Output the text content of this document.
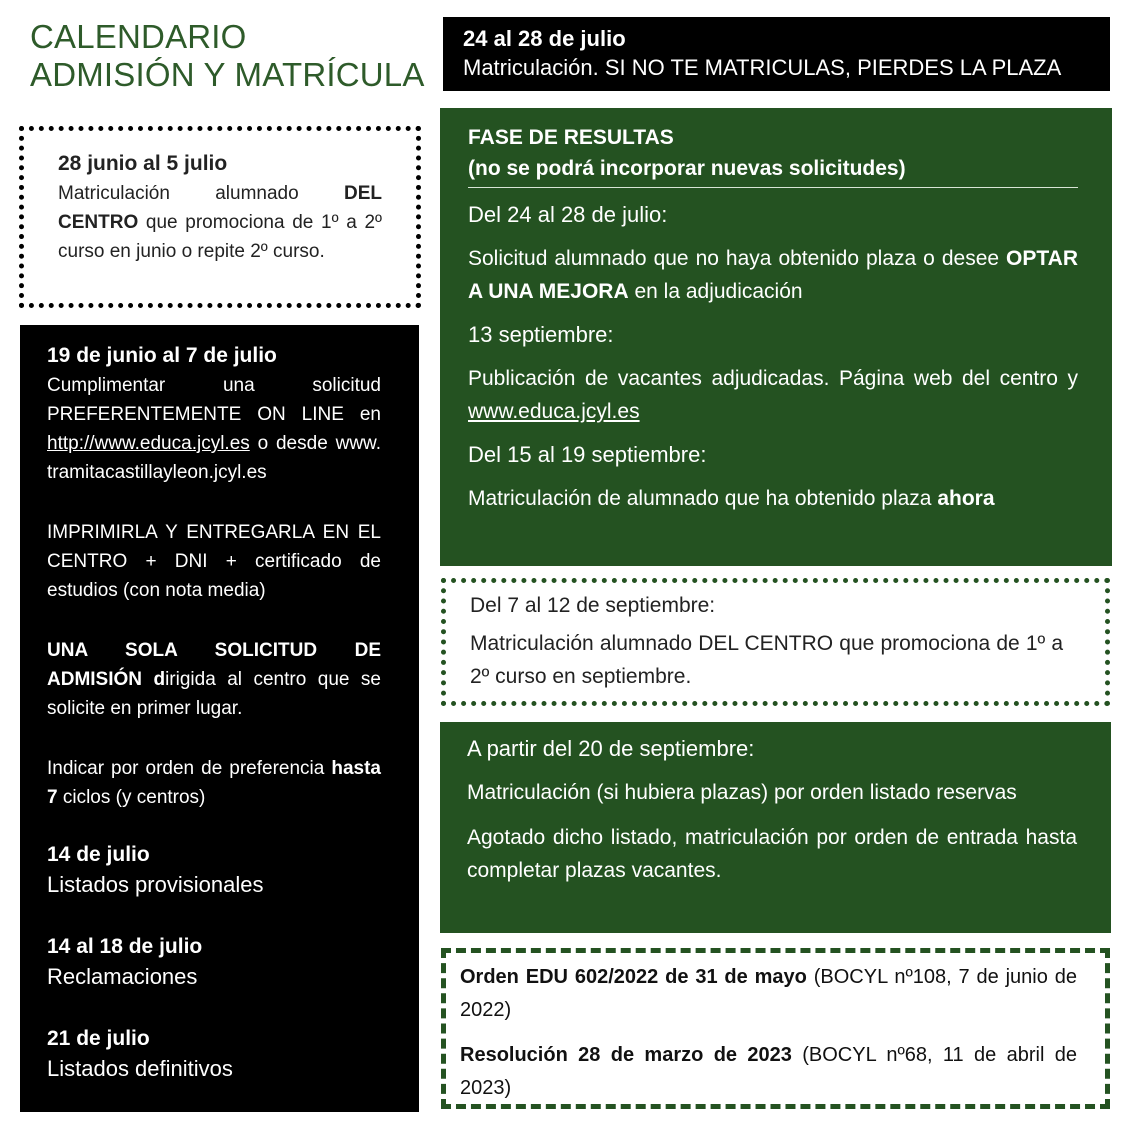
CALENDARIO
ADMISIÓN Y MATRÍCULA
24 al 28 de julio
Matriculación. SI NO TE MATRICULAS, PIERDES LA PLAZA
28 junio al 5 julio

Matriculación alumnado DEL CENTRO que promociona de 1º a 2º curso en junio o repite 2º curso.

19 de junio al 7 de julio

Cumplimentar una solicitud PREFERENTEMENTE ON LINE en http://www.educa.jcyl.es o desde www. tramitacastillayleon.jcyl.es

IMPRIMIRLA Y ENTREGARLA EN EL CENTRO + DNI + certificado de estudios (con nota media)

UNA SOLA SOLICITUD DE ADMISIÓN dirigida al centro que se solicite en primer lugar.

Indicar por orden de preferencia hasta 7 ciclos (y centros)

14 de julio
Listados provisionales
14 al 18 de julio
Reclamaciones
21 de julio
Listados definitivos
FASE DE RESULTAS
(no se podrá incorporar nuevas solicitudes)
Del 24 al 28 de julio:

Solicitud alumnado que no haya obtenido plaza o desee OPTAR A UNA MEJORA en la adjudicación

13 septiembre:

Publicación de vacantes adjudicadas. Página web del centro y www.educa.jcyl.es

Del 15 al 19 septiembre:

Matriculación de alumnado que ha obtenido plaza ahora

Del 7 al 12 de septiembre:

Matriculación alumnado DEL CENTRO que promociona de 1º a 2º curso en septiembre.

A partir del 20 de septiembre:

Matriculación (si hubiera plazas) por orden listado reservas

Agotado dicho listado, matriculación por orden de entrada hasta completar plazas vacantes.

Orden EDU 602/2022 de 31 de mayo (BOCYL nº108, 7 de junio de 2022)

Resolución 28 de marzo de 2023 (BOCYL nº68, 11 de abril de 2023)
